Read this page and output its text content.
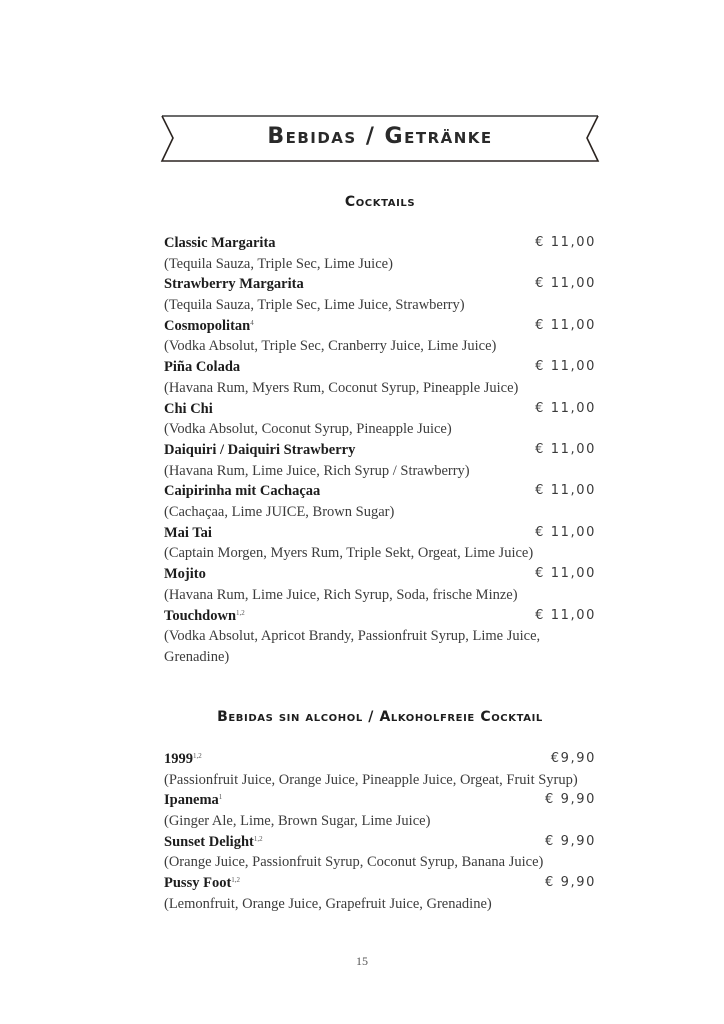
Bebidas / Getränke
Cocktails
Classic Margarita	€ 11,00
(Tequila Sauza, Triple Sec, Lime Juice)
Strawberry Margarita	€ 11,00
(Tequila Sauza, Triple Sec, Lime Juice, Strawberry)
Cosmopolitan$^4$	€ 11,00
(Vodka Absolut, Triple Sec, Cranberry Juice, Lime Juice)
Piña Colada	€ 11,00
(Havana Rum, Myers Rum, Coconut Syrup, Pineapple Juice)
Chi Chi	€ 11,00
(Vodka Absolut, Coconut Syrup, Pineapple Juice)
Daiquiri / Daiquiri Strawberry	€ 11,00
(Havana Rum, Lime Juice, Rich Syrup / Strawberry)
Caipirinha mit Cachaçaa	€ 11,00
(Cachaçaa, Lime JUICE, Brown Sugar)
Mai Tai	€ 11,00
(Captain Morgen, Myers Rum, Triple Sekt, Orgeat, Lime Juice)
Mojito	€ 11,00
(Havana Rum, Lime Juice, Rich Syrup, Soda, frische Minze)
Touchdown$^{1,2}$	€ 11,00
(Vodka Absolut, Apricot Brandy, Passionfruit Syrup, Lime Juice, Grenadine)
Bebidas sin alcohol / Alkoholfreie Cocktail
1999$^{1,2}$	€9,90
(Passionfruit Juice, Orange Juice, Pineapple Juice, Orgeat, Fruit Syrup)
Ipanema$^1$	€ 9,90
(Ginger Ale, Lime, Brown Sugar, Lime Juice)
Sunset Delight$^{1,2}$	€ 9,90
(Orange Juice, Passionfruit Syrup, Coconut Syrup, Banana Juice)
Pussy Foot$^{1,2}$	€ 9,90
(Lemonfruit, Orange Juice, Grapefruit Juice, Grenadine)
15
